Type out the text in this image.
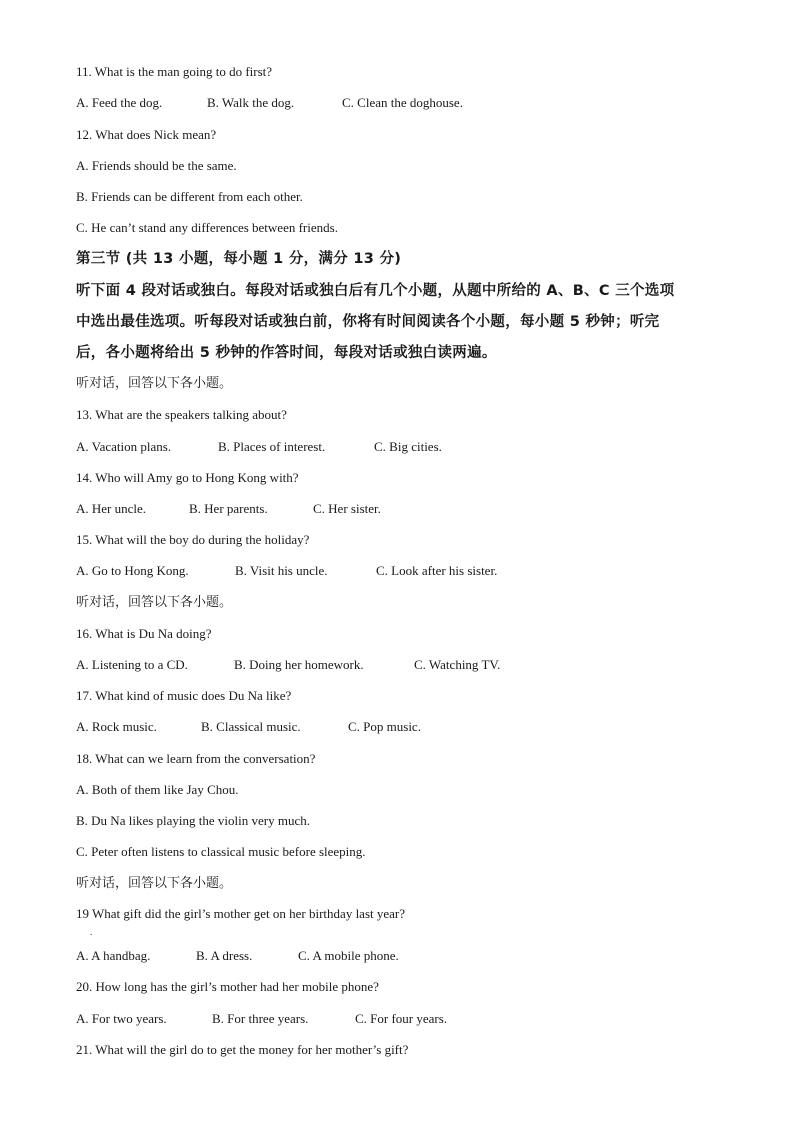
11. What is the man going to do first?
A. Feed the dog.	B. Walk the dog.	C. Clean the doghouse.
12. What does Nick mean?
A. Friends should be the same.
B. Friends can be different from each other.
C. He can’t stand any differences between friends.
第三节 (共 13 小题，每小题 1 分，满分 13 分)
听下面 4 段对话或独白。每段对话或独白后有几个小题，从题中所给的 A、B、C 三个选项
中选出最佳选项。听每段对话或独白前，你将有时间阅读各个小题，每小题 5 秒钟；听完
后，各小题将给出 5 秒钟的作答时间，每段对话或独白读两遍。
听对话，回答以下各小题。
13. What are the speakers talking about?
A. Vacation plans.	B. Places of interest.	C. Big cities.
14. Who will Amy go to Hong Kong with?
A. Her uncle.	B. Her parents.	C. Her sister.
15. What will the boy do during the holiday?
A. Go to Hong Kong.	B. Visit his uncle.	C. Look after his sister.
听对话，回答以下各小题。
16. What is Du Na doing?
A. Listening to a CD.	B. Doing her homework.	C. Watching TV.
17. What kind of music does Du Na like?
A. Rock music.	B. Classical music.	C. Pop music.
18. What can we learn from the conversation?
A. Both of them like Jay Chou.
B. Du Na likes playing the violin very much.
C. Peter often listens to classical music before sleeping.
听对话，回答以下各小题。
19 What gift did the girl’s mother get on her birthday last year?
.
A. A handbag.	B. A dress.	C. A mobile phone.
20. How long has the girl’s mother had her mobile phone?
A. For two years.	B. For three years.	C. For four years.
21. What will the girl do to get the money for her mother’s gift?
